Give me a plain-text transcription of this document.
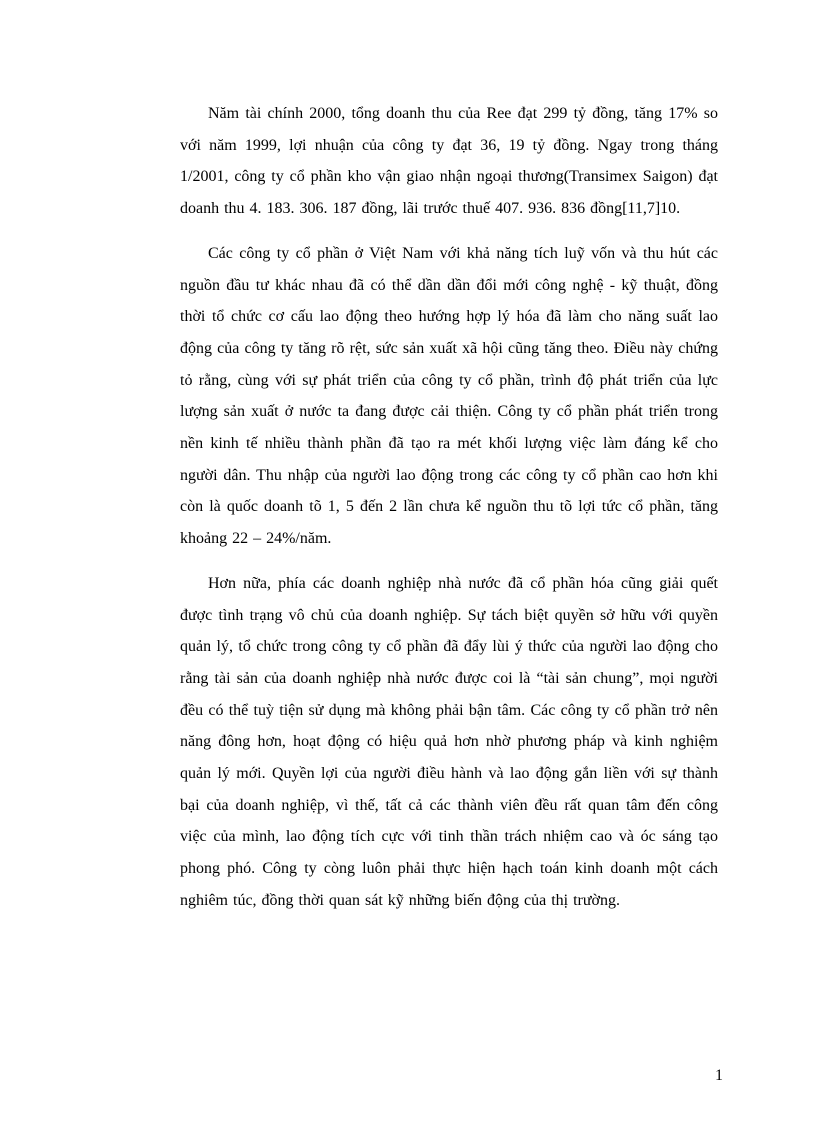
Năm tài chính 2000, tổng doanh thu của Ree đạt 299 tỷ đồng, tăng 17% so với năm 1999, lợi nhuận của công ty đạt 36, 19 tỷ đồng. Ngay trong tháng 1/2001, công ty cổ phần kho vận giao nhận ngoại thương(Transimex Saigon) đạt doanh thu 4. 183. 306. 187 đồng, lãi trước thuế 407. 936. 836 đồng[11,7]10.

Các công ty cổ phần ở Việt Nam với khả năng tích luỹ vốn và thu hút các nguồn đầu tư khác nhau đã có thể dần dần đổi mới công nghệ - kỹ thuật, đồng thời tổ chức cơ cấu lao động theo hướng hợp lý hóa đã làm cho năng suất lao động của công ty tăng rõ rệt, sức sản xuất xã hội cũng tăng theo. Điều này chứng tỏ rằng, cùng với sự phát triển của công ty cổ phần, trình độ phát triển của lực lượng sản xuất ở nước ta đang được cải thiện. Công ty cổ phần phát triển trong nền kinh tế nhiều thành phần đã tạo ra mét khối lượng việc làm đáng kể cho người dân. Thu nhập của người lao động trong các công ty cổ phần cao hơn khi còn là quốc doanh tõ 1, 5 đến 2 lần chưa kể nguồn thu tõ lợi tức cổ phần, tăng khoảng 22 – 24%/năm.

Hơn nữa, phía các doanh nghiệp nhà nước đã cổ phần hóa cũng giải quết được tình trạng vô chủ của doanh nghiệp. Sự tách biệt quyền sở hữu với quyền quản lý, tổ chức trong công ty cổ phần đã đẩy lùi ý thức của người lao động cho rằng tài sản của doanh nghiệp nhà nước được coi là “tài sản chung”, mọi người đều có thể tuỳ tiện sử dụng mà không phải bận tâm. Các công ty cổ phần trở nên năng đông hơn, hoạt động có hiệu quả hơn nhờ phương pháp và kinh nghiệm quản lý mới. Quyền lợi của người điều hành và lao động gắn liền với sự thành bại của doanh nghiệp, vì thế, tất cả các thành viên đều rất quan tâm đến công việc của mình, lao động tích cực với tinh thần trách nhiệm cao và óc sáng tạo phong phó. Công ty còng luôn phải thực hiện hạch toán kinh doanh một cách nghiêm túc, đồng thời quan sát kỹ những biến động của thị trường.

1
